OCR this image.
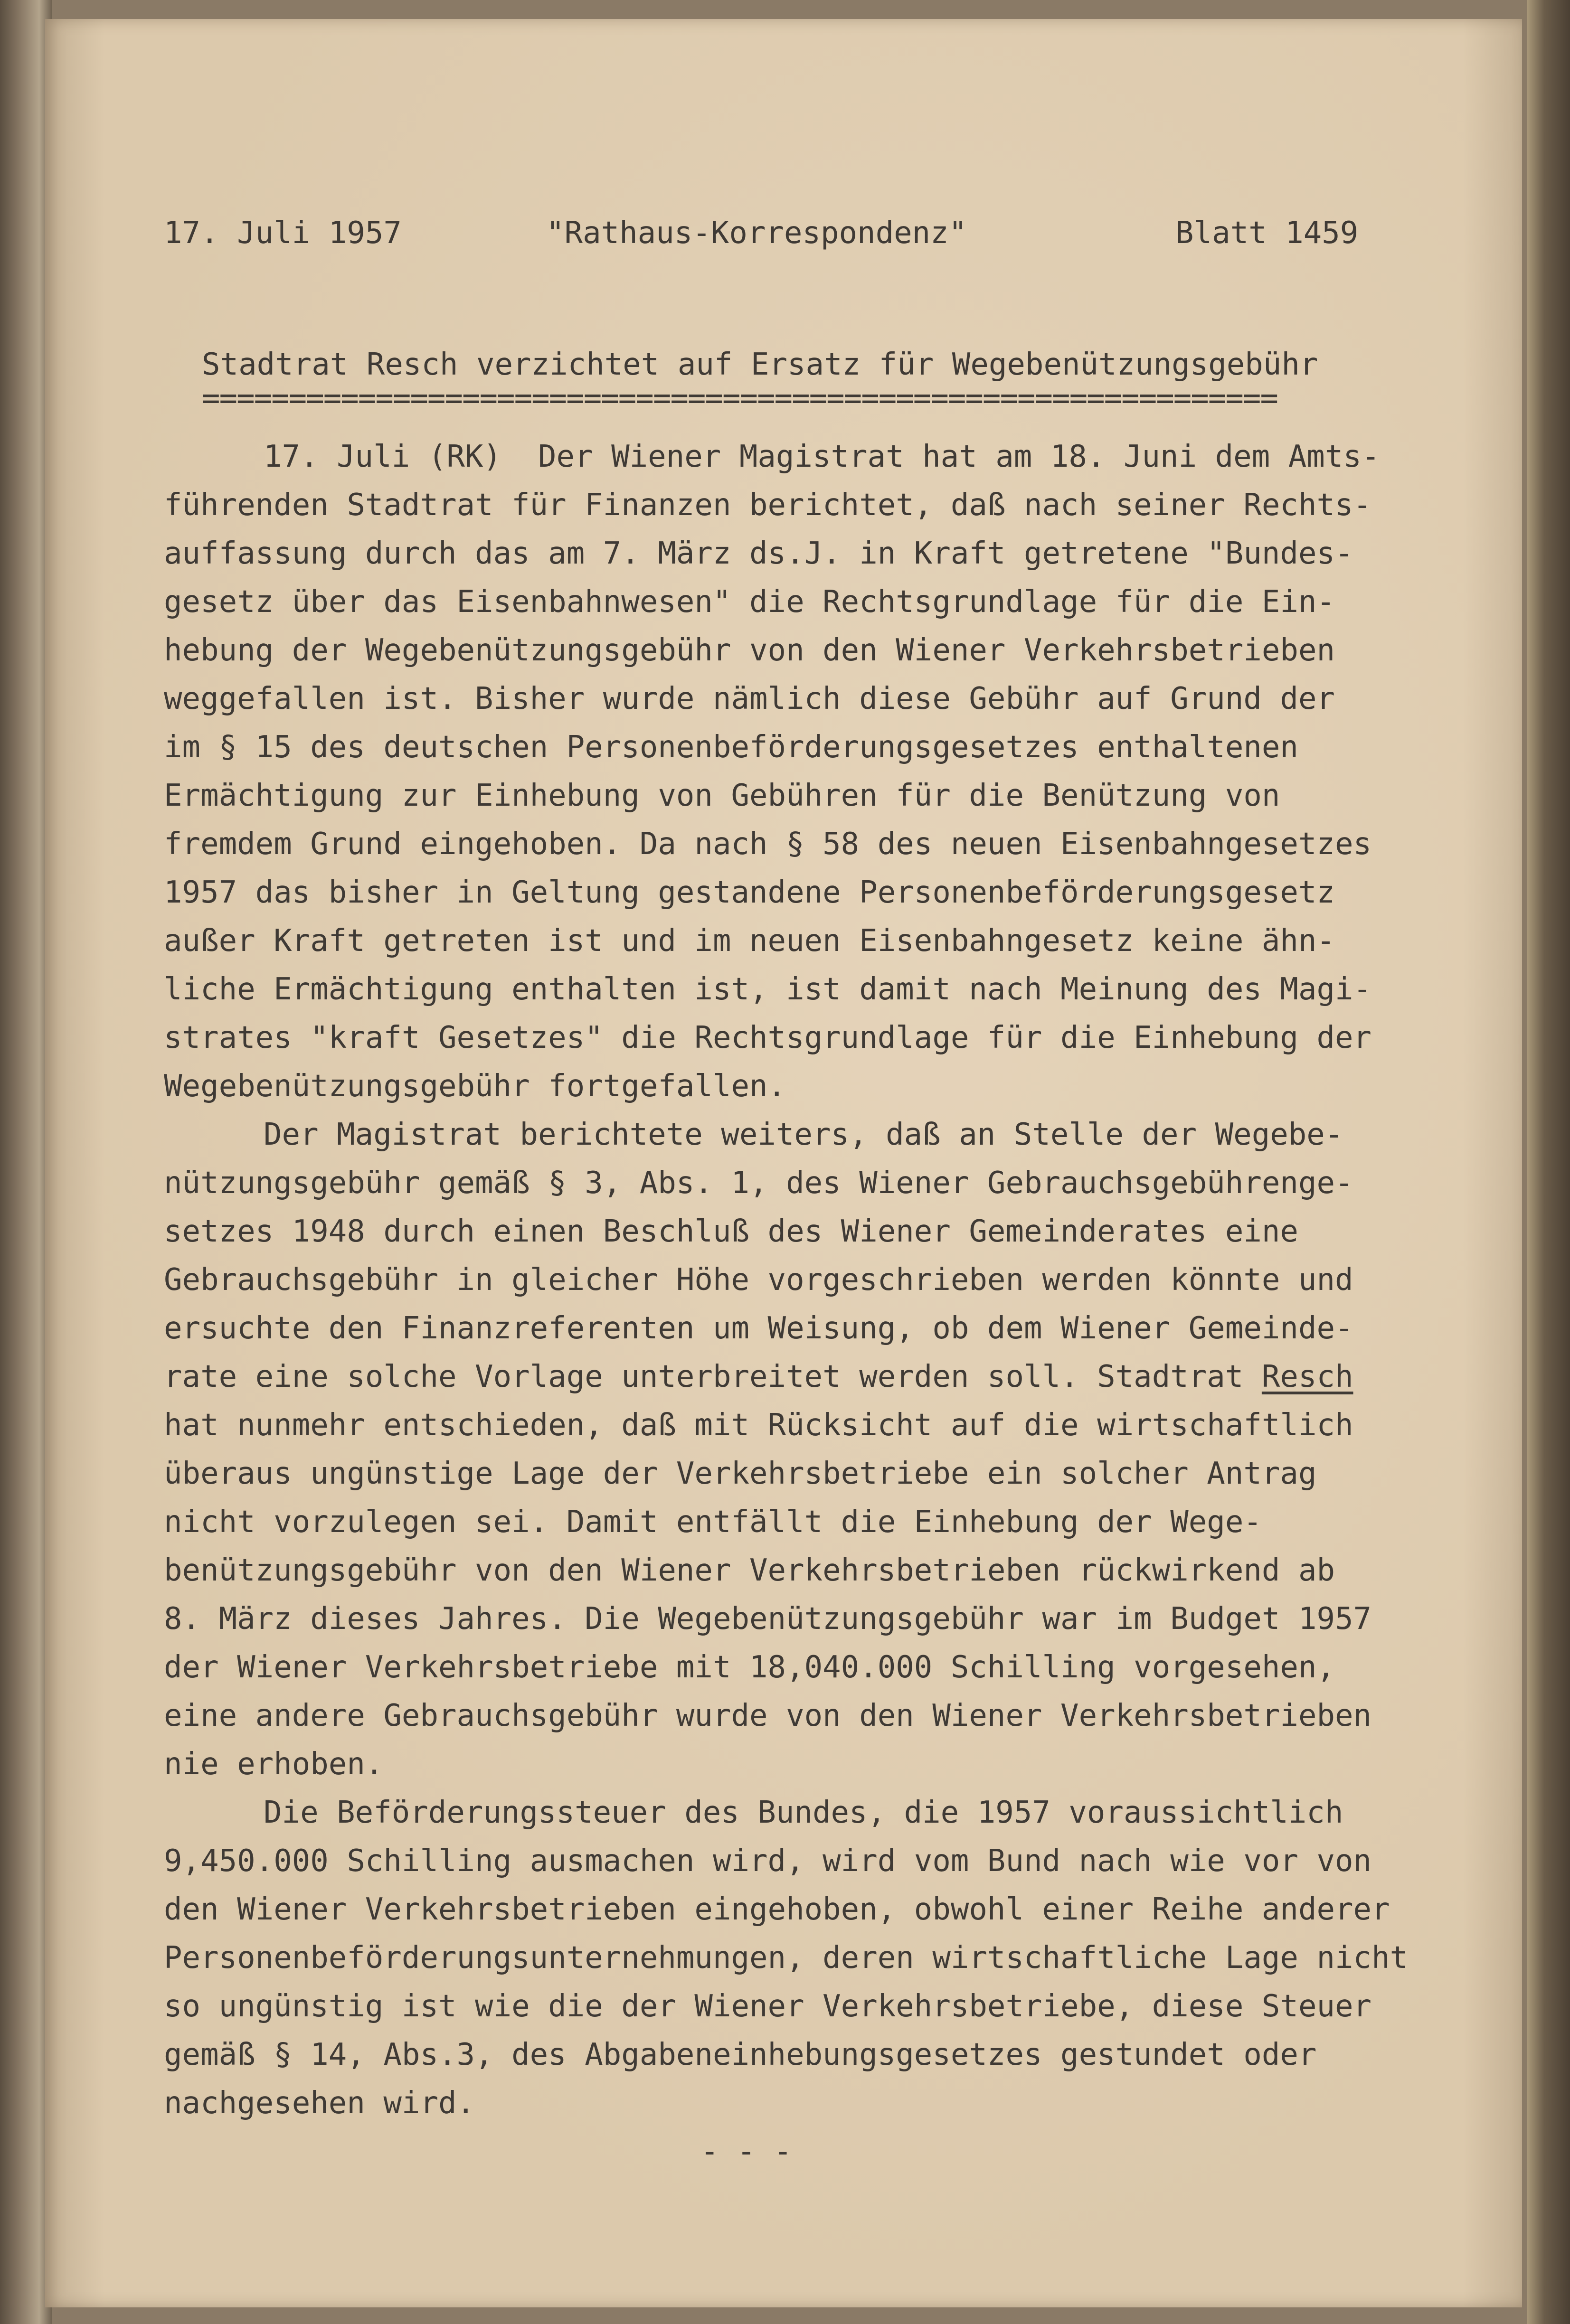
17. Juli 1957

	"Rathaus-Korrespondenz"

	Blatt 1459

Stadtrat Resch verzichtet auf Ersatz für Wegebenützungsgebühr
==============================================================
17. Juli (RK)  Der Wiener Magistrat hat am 18. Juni dem Amts-
führenden Stadtrat für Finanzen berichtet, daß nach seiner Rechts-
auffassung durch das am 7. März ds.J. in Kraft getretene "Bundes-
gesetz über das Eisenbahnwesen" die Rechtsgrundlage für die Ein-
hebung der Wegebenützungsgebühr von den Wiener Verkehrsbetrieben
weggefallen ist. Bisher wurde nämlich diese Gebühr auf Grund der
im § 15 des deutschen Personenbeförderungsgesetzes enthaltenen
Ermächtigung zur Einhebung von Gebühren für die Benützung von
fremdem Grund eingehoben. Da nach § 58 des neuen Eisenbahngesetzes
1957 das bisher in Geltung gestandene Personenbeförderungsgesetz
außer Kraft getreten ist und im neuen Eisenbahngesetz keine ähn-
liche Ermächtigung enthalten ist, ist damit nach Meinung des Magi-
strates "kraft Gesetzes" die Rechtsgrundlage für die Einhebung der
Wegebenützungsgebühr fortgefallen.
Der Magistrat berichtete weiters, daß an Stelle der Wegebe-
nützungsgebühr gemäß § 3, Abs. 1, des Wiener Gebrauchsgebührenge-
setzes 1948 durch einen Beschluß des Wiener Gemeinderates eine
Gebrauchsgebühr in gleicher Höhe vorgeschrieben werden könnte und
ersuchte den Finanzreferenten um Weisung, ob dem Wiener Gemeinde-
rate eine solche Vorlage unterbreitet werden soll. Stadtrat Resch
hat nunmehr entschieden, daß mit Rücksicht auf die wirtschaftlich
überaus ungünstige Lage der Verkehrsbetriebe ein solcher Antrag
nicht vorzulegen sei. Damit entfällt die Einhebung der Wege-
benützungsgebühr von den Wiener Verkehrsbetrieben rückwirkend ab
8. März dieses Jahres. Die Wegebenützungsgebühr war im Budget 1957
der Wiener Verkehrsbetriebe mit 18,040.000 Schilling vorgesehen,
eine andere Gebrauchsgebühr wurde von den Wiener Verkehrsbetrieben
nie erhoben.
Die Beförderungssteuer des Bundes, die 1957 voraussichtlich
9,450.000 Schilling ausmachen wird, wird vom Bund nach wie vor von
den Wiener Verkehrsbetrieben eingehoben, obwohl einer Reihe anderer
Personenbeförderungsunternehmungen, deren wirtschaftliche Lage nicht
so ungünstig ist wie die der Wiener Verkehrsbetriebe, diese Steuer
gemäß § 14, Abs.3, des Abgabeneinhebungsgesetzes gestundet oder
nachgesehen wird.
- - -
